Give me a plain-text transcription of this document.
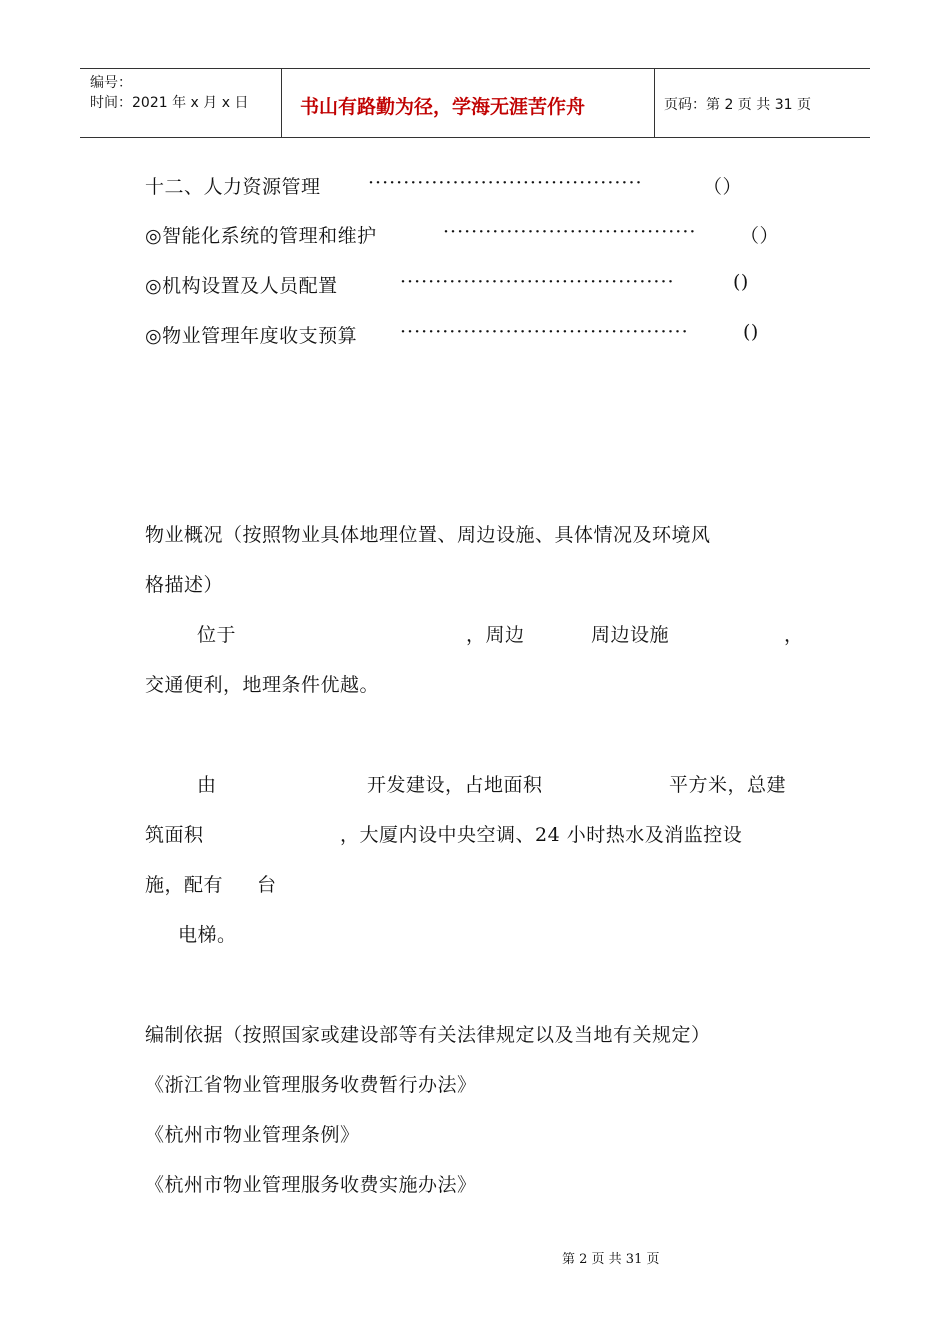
编号：
时间：2021 年 x 月 x 日	书山有路勤为径，学海无涯苦作舟	页码：第 2 页 共 31 页
十二、人力资源管理 ·······································	（）
◎智能化系统的管理和维护	···································· （）
◎机构设置及人员配置	·······································	()
◎物业管理年度收支预算 ·········································	()
物业概况（按照物业具体地理位置、周边设施、具体情况及环境风
格描述）
位于	，周边	周边设施	，
交通便利，地理条件优越。
由	开发建设，占地面积	平方米，总建
筑面积	，大厦内设中央空调、24 小时热水及消监控设
施，配有 台
电梯。
编制依据（按照国家或建设部等有关法律规定以及当地有关规定）
《浙江省物业管理服务收费暂行办法》
《杭州市物业管理条例》
《杭州市物业管理服务收费实施办法》
第 2 页 共 31 页
